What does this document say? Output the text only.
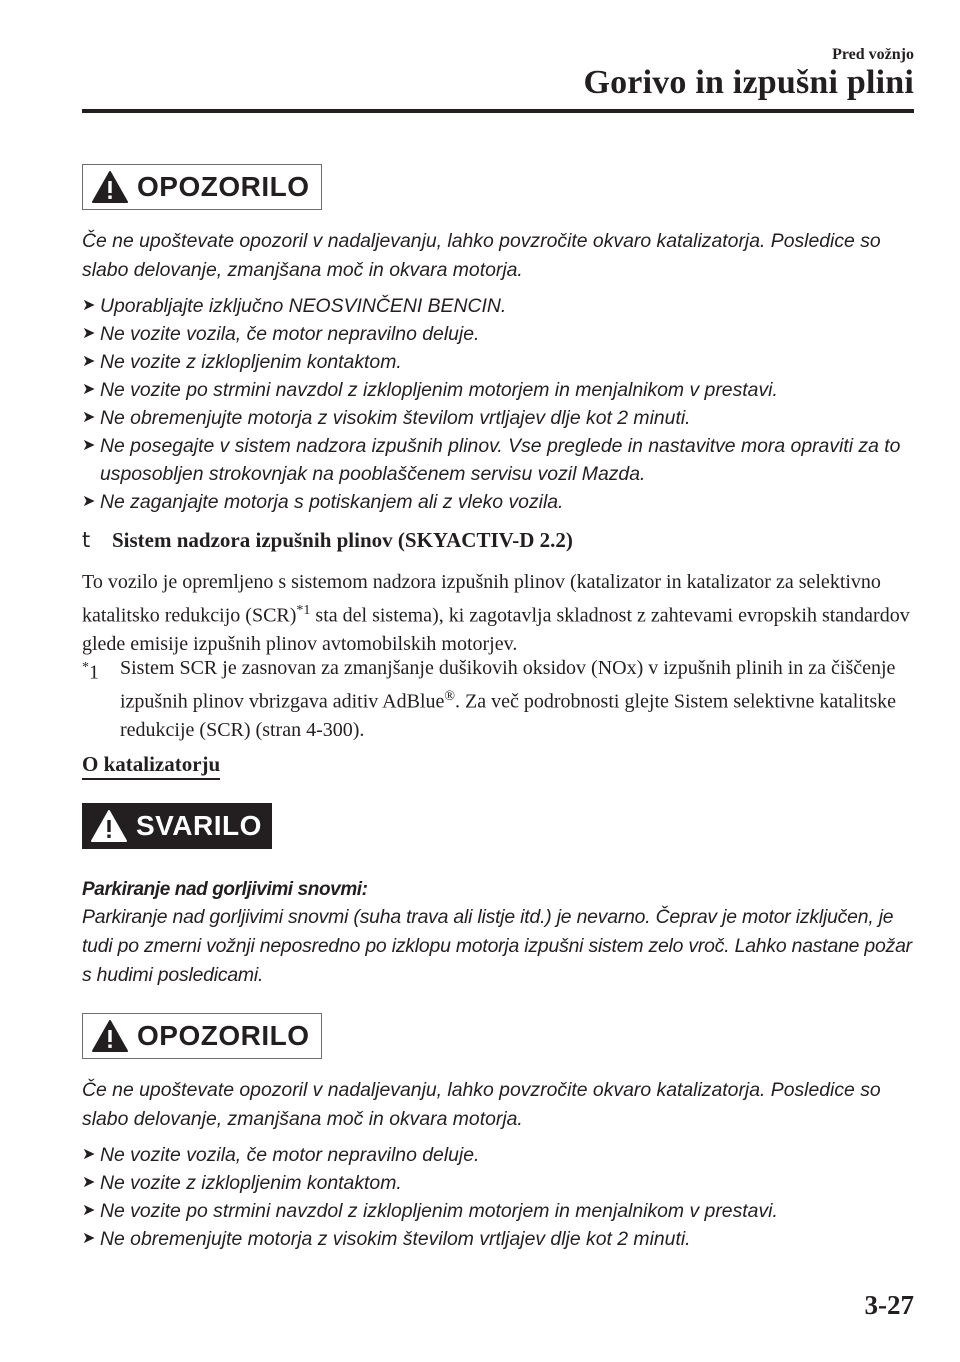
Pred vožnjo
Gorivo in izpušni plini
OPOZORILO
Če ne upoštevate opozoril v nadaljevanju, lahko povzročite okvaro katalizatorja. Posledice so slabo delovanje, zmanjšana moč in okvara motorja.
➤ Uporabljajte izključno NEOSVINČENI BENCIN.
➤ Ne vozite vozila, če motor nepravilno deluje.
➤ Ne vozite z izklopljenim kontaktom.
➤ Ne vozite po strmini navzdol z izklopljenim motorjem in menjalnikom v prestavi.
➤ Ne obremenjujte motorja z visokim številom vrtljajev dlje kot 2 minuti.
➤ Ne posegajte v sistem nadzora izpušnih plinov. Vse preglede in nastavitve mora opraviti za to usposobljen strokovnjak na pooblaščenem servisu vozil Mazda.
➤ Ne zaganjajte motorja s potiskanjem ali z vleko vozila.
t Sistem nadzora izpušnih plinov (SKYACTIV-D 2.2)
To vozilo je opremljeno s sistemom nadzora izpušnih plinov (katalizator in katalizator za selektivno katalitsko redukcijo (SCR)$^{*1}$ sta del sistema), ki zagotavlja skladnost z zahtevami evropskih standardov glede emisije izpušnih plinov avtomobilskih motorjev.
*1	Sistem SCR je zasnovan za zmanjšanje dušikovih oksidov (NOx) v izpušnih plinih in za čiščenje izpušnih plinov vbrizgava aditiv AdBlue®. Za več podrobnosti glejte Sistem selektivne katalitske redukcije (SCR) (stran 4-300).
O katalizatorju
SVARILO
Parkiranje nad gorljivimi snovmi:
Parkiranje nad gorljivimi snovmi (suha trava ali listje itd.) je nevarno. Čeprav je motor izključen, je tudi po zmerni vožnji neposredno po izklopu motorja izpušni sistem zelo vroč. Lahko nastane požar s hudimi posledicami.
OPOZORILO
Če ne upoštevate opozoril v nadaljevanju, lahko povzročite okvaro katalizatorja. Posledice so slabo delovanje, zmanjšana moč in okvara motorja.
➤ Ne vozite vozila, če motor nepravilno deluje.
➤ Ne vozite z izklopljenim kontaktom.
➤ Ne vozite po strmini navzdol z izklopljenim motorjem in menjalnikom v prestavi.
➤ Ne obremenjujte motorja z visokim številom vrtljajev dlje kot 2 minuti.
3-27
